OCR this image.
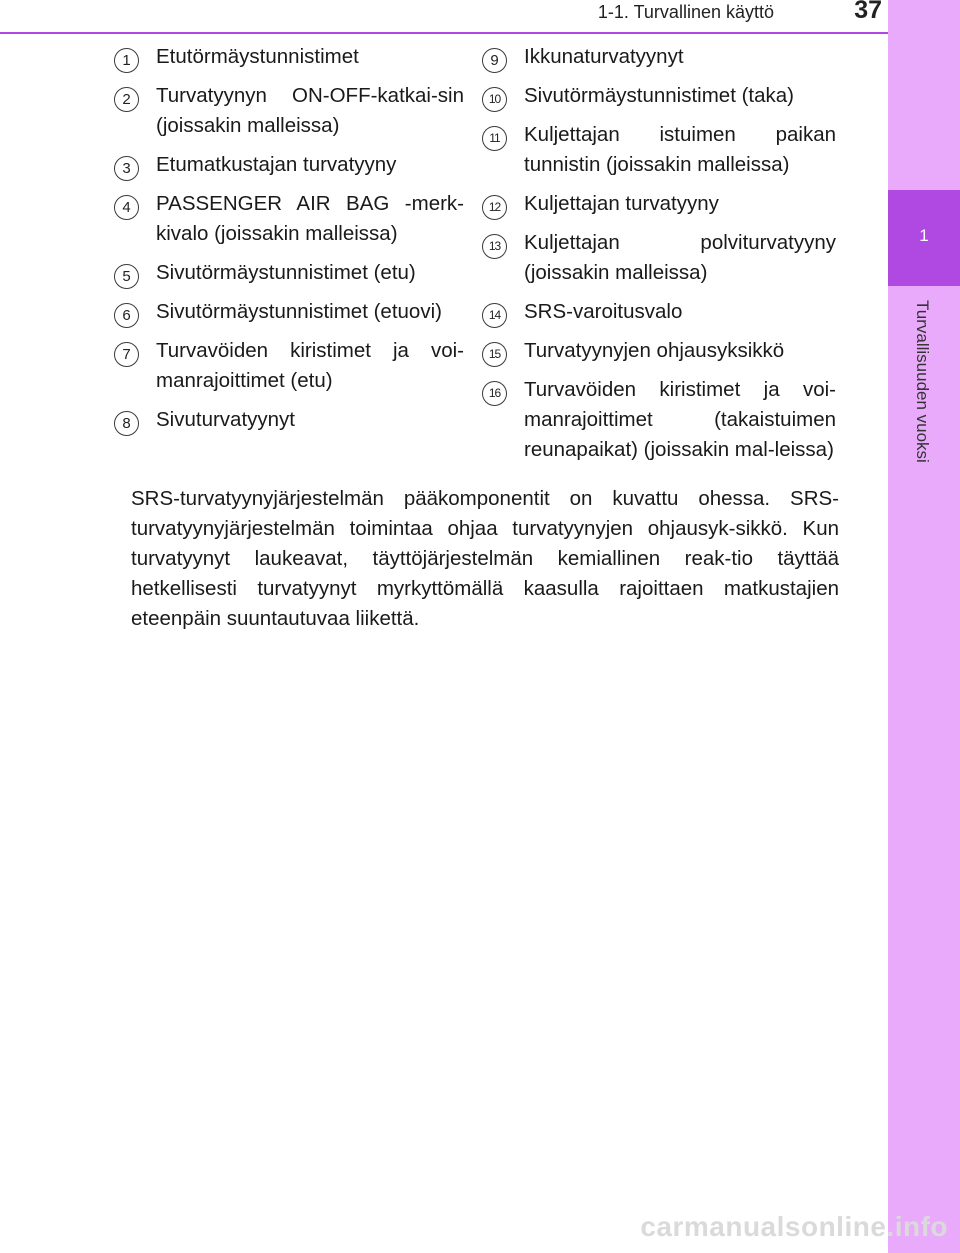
1
Turvallisuuden vuoksi
1-1. Turvallinen käyttö	37
1	Etutörmäystunnistimet
2	Turvatyynyn ON-OFF-katkai-sin (joissakin malleissa)
3	Etumatkustajan turvatyyny
4	PASSENGER AIR BAG -merk-kivalo (joissakin malleissa)
5	Sivutörmäystunnistimet (etu)
6	Sivutörmäystunnistimet (etuovi)
7	Turvavöiden kiristimet ja voi-manrajoittimet (etu)
8	Sivuturvatyynyt
9	Ikkunaturvatyynyt
10	Sivutörmäystunnistimet (taka)
11	Kuljettajan istuimen paikan tunnistin (joissakin malleissa)
12	Kuljettajan turvatyyny
13	Kuljettajan polviturvatyyny (joissakin malleissa)
14	SRS-varoitusvalo
15	Turvatyynyjen ohjausyksikkö
16	Turvavöiden kiristimet ja voi-manrajoittimet (takaistuimen reunapaikat) (joissakin mal-leissa)
SRS-turvatyynyjärjestelmän pääkomponentit on kuvattu ohessa. SRS-turvatyynyjärjestelmän toimintaa ohjaa turvatyynyjen ohjausyk-sikkö. Kun turvatyynyt laukeavat, täyttöjärjestelmän kemiallinen reak-tio täyttää hetkellisesti turvatyynyt myrkyttömällä kaasulla rajoittaen matkustajien eteenpäin suuntautuvaa liikettä.
carmanualsonline.info
